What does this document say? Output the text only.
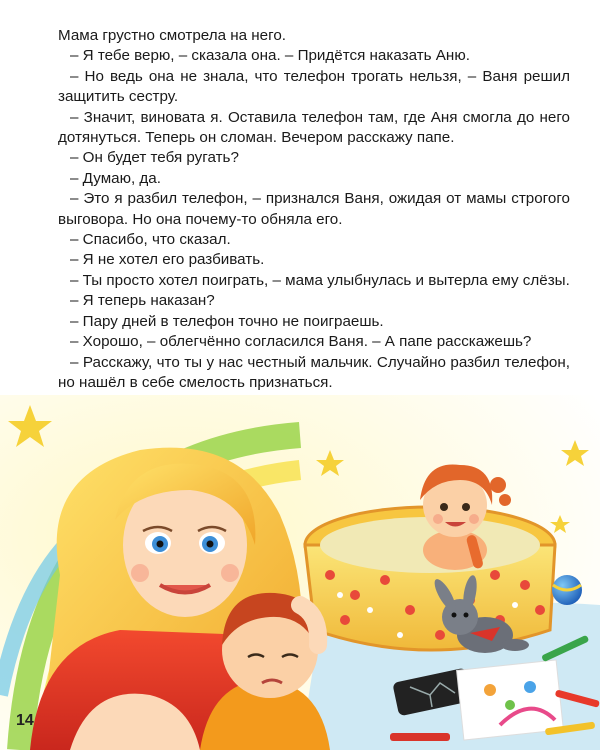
Мама грустно смотрела на него.

– Я тебе верю, – сказала она. – Придётся наказать Аню.

– Но ведь она не знала, что телефон трогать нельзя, – Ваня решил защитить сестру.

– Значит, виновата я. Оставила телефон там, где Аня смогла до него дотянуться. Теперь он сломан. Вечером расскажу папе.

– Он будет тебя ругать?

– Думаю, да.

– Это я разбил телефон, – признался Ваня, ожидая от мамы строгого выговора. Но она почему-то обняла его.

– Спасибо, что сказал.

– Я не хотел его разбивать.

– Ты просто хотел поиграть, – мама улыбнулась и вытерла ему слёзы.

– Я теперь наказан?

– Пару дней в телефон точно не поиграешь.

– Хорошо, – облегчённо согласился Ваня. – А папе расскажешь?

– Расскажу, что ты у нас честный мальчик. Случайно разбил телефон, но нашёл в себе смелость признаться.

14
